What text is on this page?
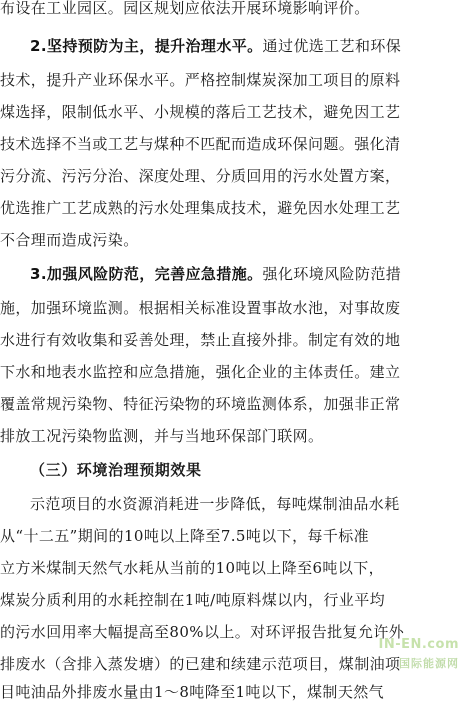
布设在工业园区。园区规划应依法开展环境影响评价。
2.坚持预防为主，提升治理水平。通过优选工艺和环保
技术，提升产业环保水平。严格控制煤炭深加工项目的原料
煤选择，限制低水平、小规模的落后工艺技术，避免因工艺
技术选择不当或工艺与煤种不匹配而造成环保问题。强化清
污分流、污污分治、深度处理、分质回用的污水处置方案，
优选推广工艺成熟的污水处理集成技术，避免因水处理工艺
不合理而造成污染。
3.加强风险防范，完善应急措施。强化环境风险防范措
施，加强环境监测。根据相关标准设置事故水池，对事故废
水进行有效收集和妥善处理，禁止直接外排。制定有效的地
下水和地表水监控和应急措施，强化企业的主体责任。建立
覆盖常规污染物、特征污染物的环境监测体系，加强非正常
排放工况污染物监测，并与当地环保部门联网。
（三）环境治理预期效果
示范项目的水资源消耗进一步降低，每吨煤制油品水耗
从“十二五”期间的10吨以上降至7.5吨以下，每千标准
立方米煤制天然气水耗从当前的10吨以上降至6吨以下，
煤炭分质利用的水耗控制在1吨/吨原料煤以内，行业平均
的污水回用率大幅提高至80%以上。对环评报告批复允许外
排废水（含排入蒸发塘）的已建和续建示范项目，煤制油项
目吨油品外排废水量由1～8吨降至1吨以下，煤制天然气
IN-EN.com
国际能源网
